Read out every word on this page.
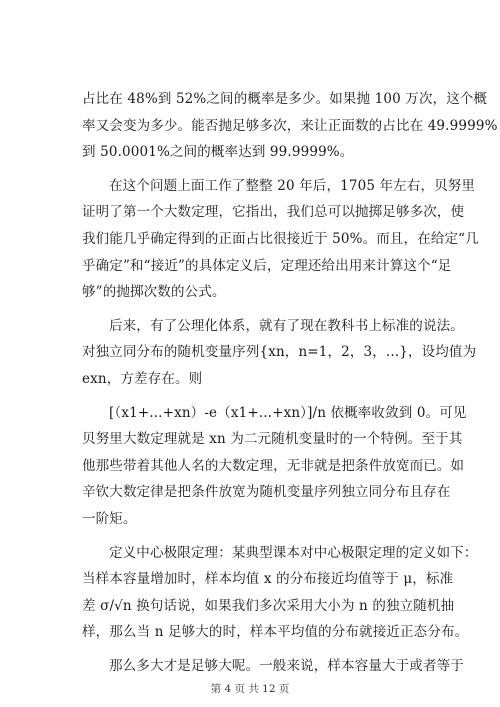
占比在 48%到 52%之间的概率是多少。如果抛 100 万次，这个概
率又会变为多少。能否抛足够多次，来让正面数的占比在 49.9999%
到 50.0001%之间的概率达到 99.9999%。
在这个问题上面工作了整整 20 年后，1705 年左右，贝努里
证明了第一个大数定理，它指出，我们总可以抛掷足够多次，使
我们能几乎确定得到的正面占比很接近于 50%。而且，在给定“几
乎确定”和“接近”的具体定义后，定理还给出用来计算这个“足
够”的抛掷次数的公式。
后来，有了公理化体系，就有了现在教科书上标准的说法。
对独立同分布的随机变量序列{xn，n=1，2，3，...}，设均值为
exn，方差存在。则
[（x1+...+xn）-e（x1+...+xn）]/n 依概率收敛到 0。可见
贝努里大数定理就是 xn 为二元随机变量时的一个特例。至于其
他那些带着其他人名的大数定理，无非就是把条件放宽而已。如
辛钦大数定律是把条件放宽为随机变量序列独立同分布且存在
一阶矩。
定义中心极限定理：某典型课本对中心极限定理的定义如下：
当样本容量增加时，样本均值 x 的分布接近均值等于 μ，标准
差 σ/√n 换句话说，如果我们多次采用大小为 n 的独立随机抽
样，那么当 n 足够大的时，样本平均值的分布就接近正态分布。
那么多大才是足够大呢。一般来说，样本容量大于或者等于
第 4 页 共 12 页
